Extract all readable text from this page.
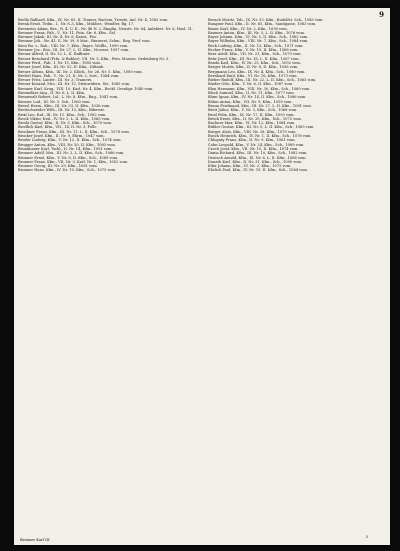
9

Brella Ridhard, Kfm., IX. Nr. 65, II. Tramer, Ractem, Trieste, Anl. Nr. 4, 1082 vom.

Brenk Ernst, Tedm., I., Nr. 8–3, Kfm., Mühlstr., Wendler, Rg. 17.

Brenneiss Adam, Bes., N. 4, U. II., Nr. 48 N. 2, Ringlin, Neuste. Nr. 64, Anlekert. Nr. 6, Hasl. 31.

Brenner Franz, Fab., V., Nr. 11, Fein. Str. 8, Kfm., Sel.

Brenner Jakob, III. Nr. 4, Nr. 8, Karnt., Pos.

Brenner Joh., Str. 41, II. Nr. 39, 8 Mas., Brauerei, Schm., Beg. Prof. vom.

Breu Ru. v., Roh., VIII. Nr. 7, Kfm., Bnyrs. Wolfls., 1090 vom.

Brenner Jos., Ros., III. Nr. 27, L. II. Kfm., Nrosser. 1097 vom.

Breuer Alfred, II. Nr. 12, L. II. Raffinier.

Breuer Bernhard (Frfa. & Buhler), VII. Nr. 5, Kfm., Fein. Mosses. Oedenburg Nr. 3.

Breuer Ferd., Fab., I. Nr. 15, Kfm., 1085 vom.

Breuer Josef, Kfm., III. Nr. 52, II. Kfm., Diltanb.

Breuer Alfons, Kfm., III. Nr. 2. Klöck., Nr. 26. Nr. 5. Kfm., 1080 vom.

Brettel Hans, Fab., V., Nr. 21, II. Nr. 2, Sort., 1064 vom.

Breuer Fritz, Lanter., III. Nr. 3, Tramers.

Breuer Konrad, Mrs., III. Nr. 12, Steinwidern. Str., 1065 vom.

Brenner Karl, Krug., VIII. 10, Karl. Nr. 4, Kfm., Reckl. Grvnbgr. 1040 vom.

Brennelker Ang., II. Nr. 6, L. II. Kfm.

Brennwalt Robert, Lsl., L. Nr. 8, Kfm., Rug., 1041 vom.

Bresser Lud., III. Nr. 5. Sch., 1060 vom.

Bressl Herm., Kfm., III. Nr. 33, II. Kfm., 1036 vom.

Brettschneider Wilh., III. Nr. 15, Kfm., Biberstr.

Brixl Leo, Raf., III. Nr. 11. Kfm., Sch., 1082 vom.

Brock Viktor, Krsl., IV. Nr. 2, L. II. Kfm., 1065 vom.

Broda Gustav, Kfm., II. Nr. 5, Kfm., Sch., 1070 vom.

Brodlich Karl, Kfm., VII., 14, II. Nr. 3, Pollr.

Bruckner Franz, Kfm., III. Nr. 11, L. II. Kfm., Sch., 1078 vom.

Brucker Josef, Kfm., II. Nr. 9, Ehrm., 1047 vom.

Bruder Ludwig, Kfm., V. Nr. 12, II. Kfm., Sch., 1074 vom.

Brugger Anton, Kfm., VIII. Nr. 20, II. Kfm., 1083 vom.

Brunnbauer Karl, Tschl., II. Nr. 14, Kfm., 1091 vom.

Brunner Adolf, Mrs., III. Nr. 2, L. II. Kfm., Sch., 1066 vom.

Brunner Ernst, Kfm., V. Nr. 8, II. Kfm., Sch., 1089 vom.

Brunner Franz, Kfm., VII. Nr. 3, Karl. Nr. 1, Kfm., 1052 vom.

Brunner Georg, III. Nr. 29, Kfm., 1061 vom.

Brunner Hans, Kfm., IV. Nr. 10, Kfm., Sch., 1075 vom.

Brusch Moritz, Tsh., IX. Nr. 33, Kfm., Rudolfst. Sch., 1085 vom.

Bungner Paul, Kfm., II. Nr. 65, Kfm., Sandgasse, 1083 vom.

Bauer Karl, Kfm., IV. Nr. 2, Kfm., 1090 vom.

Baumer Anton, Kfm., III. Nr. 3, L. II. Kfm., 1076 vom.

Bayer Johann, Kfm., VI. Nr. 5, II. Kfm., Sch., 1062 vom.

Bayer Wilhelm, Kfm., VIII. Nr. 7, Kfm., Sch., 1084 vom.

Beck Ludwig, Kfm., II. Nr. 13, Kfm., Sch., 1071 vom.

Becker Franz, Kfm., V. Nr. 19, II. Kfm., 1088 vom.

Beer Adolf, Kfm., VII. Nr. 21, Kfm., Sch., 1079 vom.

Behr Josef, Kfm., III. Nr. 18, L. II. Kfm., 1067 vom.

Benda Karl, Kfm., IV. Nr. 25, Kfm., Sch., 1092 vom.

Berger Moritz, Kfm., II. Nr. 8, II. Kfm., 1058 vom.

Bergmann Leo, Kfm., IX. Nr. 4, Kfm., Sch., 1080 vom.

Bernhard Emil, Kfm., VI. Nr. 16, Kfm., 1073 vom.

Bieber Rudolf, Kfm., III. Nr. 22, L. II. Kfm., Sch., 1063 vom.

Binder Otto, Kfm., V. Nr. 6, II. Kfm., 1087 vom.

Blau Hermann, Kfm., VIII. Nr. 30, Kfm., Sch., 1069 vom.

Bloch Samuel, Kfm., II. Nr. 11, Kfm., 1077 vom.

Blum Ignaz, Kfm., IV. Nr. 14, II. Kfm., Sch., 1086 vom.

Böhm Anton, Kfm., VII. Nr. 9, Kfm., 1059 vom.

Braun Ferdinand, Kfm., III. Nr. 27, L. II. Kfm., 1081 vom.

Breit Julius, Kfm., V. Nr. 3, Kfm., Sch., 1068 vom.

Brod Felix, Kfm., IX. Nr. 17, II. Kfm., 1093 vom.

Brück Ernst, Kfm., II. Nr. 20, Kfm., Sch., 1072 vom.

Buchner Max, Kfm., VI. Nr. 12, Kfm., 1064 vom.

Bühler Gustav, Kfm., III. Nr. 5, L. II. Kfm., Sch., 1085 vom.

Burger Alois, Kfm., VIII. Nr. 28, Kfm., 1070 vom.

Busch Heinrich, Kfm., IV. Nr. 1, II. Kfm., Sch., 1078 vom.

Chlupaty Franz, Kfm., II. Nr. 9, Kfm., 1061 vom.

Cohn Leopold, Kfm., V. Nr. 24, Kfm., Sch., 1089 vom.

Czech Josef, Kfm., VII. Nr. 15, II. Kfm., 1074 vom.

Dania Richard, Kfm., III. Nr. 10, Kfm., Sch., 1082 vom.

Deutsch Arnold, Kfm., IX. Nr. 6, L. II. Kfm., 1066 vom.

Donath Karl, Kfm., II. Nr. 31, Kfm., Sch., 1090 vom.

Eder Johann, Kfm., VI. Nr. 2, Kfm., 1075 vom.

Ehrlich Paul, Kfm., IV. Nr. 19, II. Kfm., Sch., 1084 vom.

Brunner Karl III.
3
